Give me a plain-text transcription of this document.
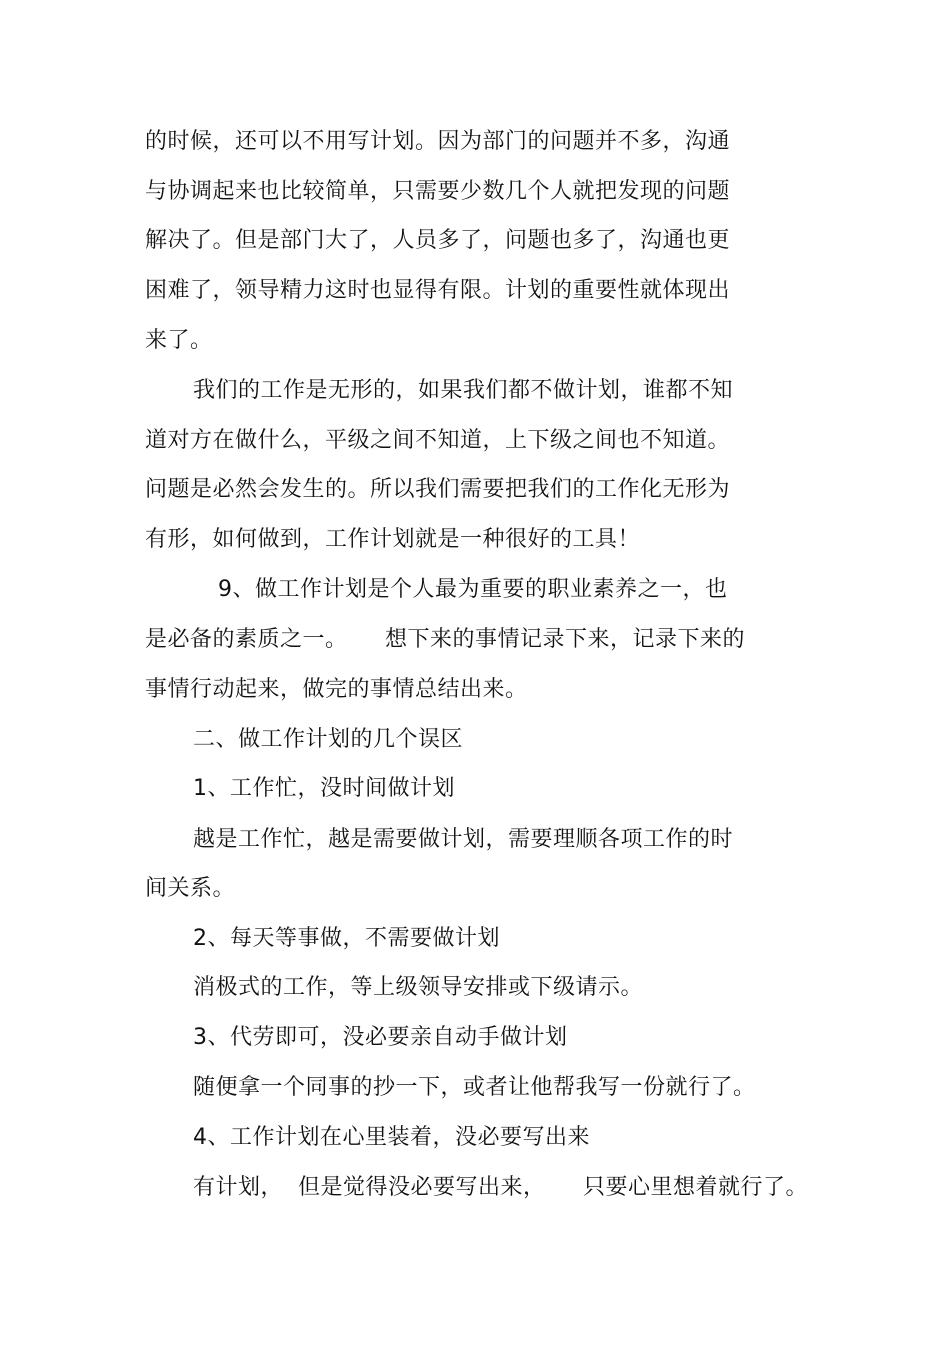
的时候，还可以不用写计划。因为部门的问题并不多，沟通
与协调起来也比较简单，只需要少数几个人就把发现的问题
解决了。但是部门大了，人员多了，问题也多了，沟通也更
困难了，领导精力这时也显得有限。计划的重要性就体现出
来了。
我们的工作是无形的，如果我们都不做计划，谁都不知
道对方在做什么，平级之间不知道，上下级之间也不知道。
问题是必然会发生的。所以我们需要把我们的工作化无形为
有形，如何做到，工作计划就是一种很好的工具！
9、做工作计划是个人最为重要的职业素养之一，也
是必备的素质之一。     想下来的事情记录下来，记录下来的
事情行动起来，做完的事情总结出来。
二、做工作计划的几个误区
1、工作忙，没时间做计划
越是工作忙，越是需要做计划，需要理顺各项工作的时
间关系。
2、每天等事做，不需要做计划
消极式的工作，等上级领导安排或下级请示。
3、代劳即可，没必要亲自动手做计划
随便拿一个同事的抄一下，或者让他帮我写一份就行了。
4、工作计划在心里装着，没必要写出来
有计划，  但是觉得没必要写出来，     只要心里想着就行了。
